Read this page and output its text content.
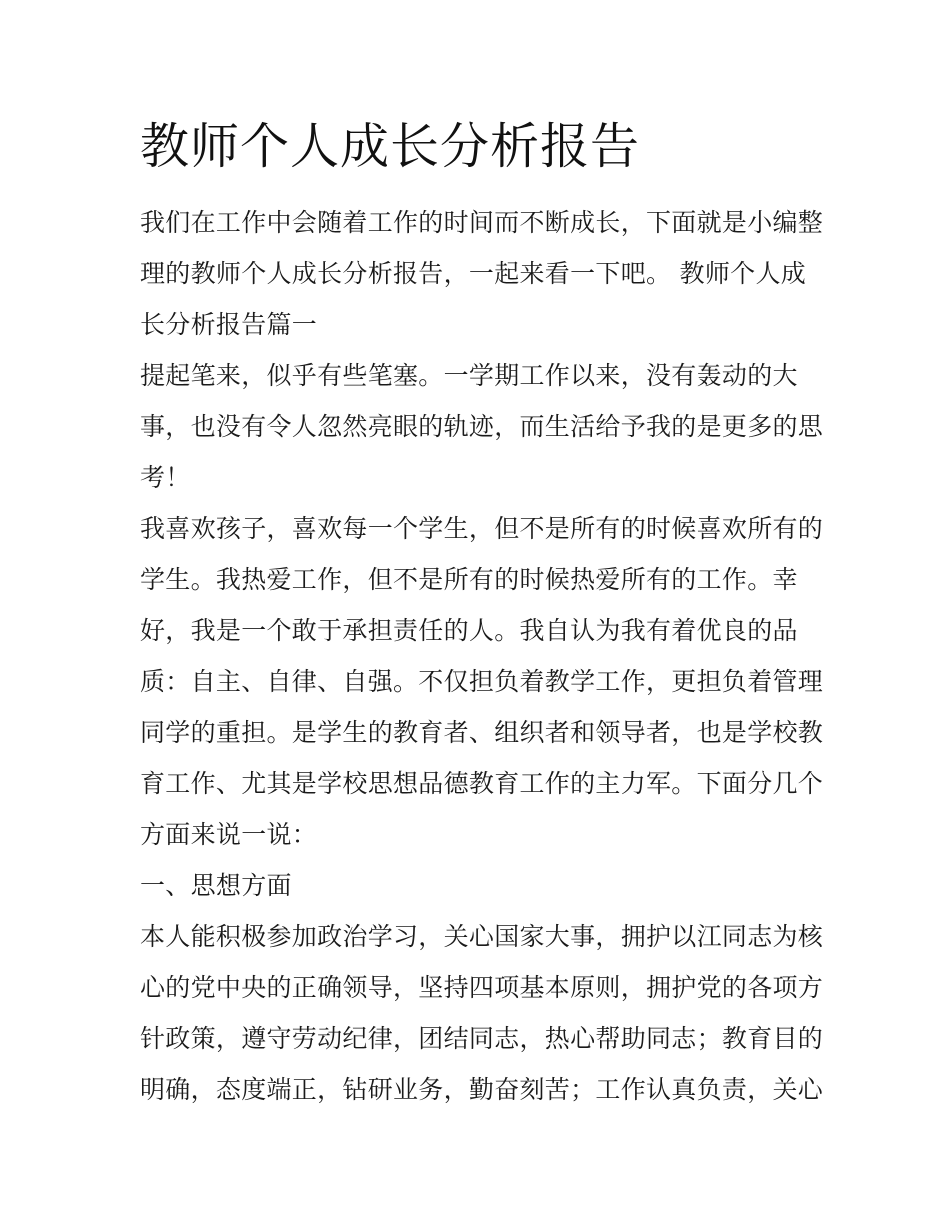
教师个人成长分析报告
我们在工作中会随着工作的时间而不断成长，下面就是小编整
理的教师个人成长分析报告，一起来看一下吧。 教师个人成
长分析报告篇一
提起笔来，似乎有些笔塞。一学期工作以来，没有轰动的大
事，也没有令人忽然亮眼的轨迹，而生活给予我的是更多的思
考！
我喜欢孩子，喜欢每一个学生，但不是所有的时候喜欢所有的
学生。我热爱工作，但不是所有的时候热爱所有的工作。幸
好，我是一个敢于承担责任的人。我自认为我有着优良的品
质：自主、自律、自强。不仅担负着教学工作，更担负着管理
同学的重担。是学生的教育者、组织者和领导者，也是学校教
育工作、尤其是学校思想品德教育工作的主力军。下面分几个
方面来说一说：
一、思想方面
本人能积极参加政治学习，关心国家大事，拥护以江同志为核
心的党中央的正确领导，坚持四项基本原则，拥护党的各项方
针政策，遵守劳动纪律，团结同志，热心帮助同志；教育目的
明确，态度端正，钻研业务，勤奋刻苦；工作认真负责，关心
